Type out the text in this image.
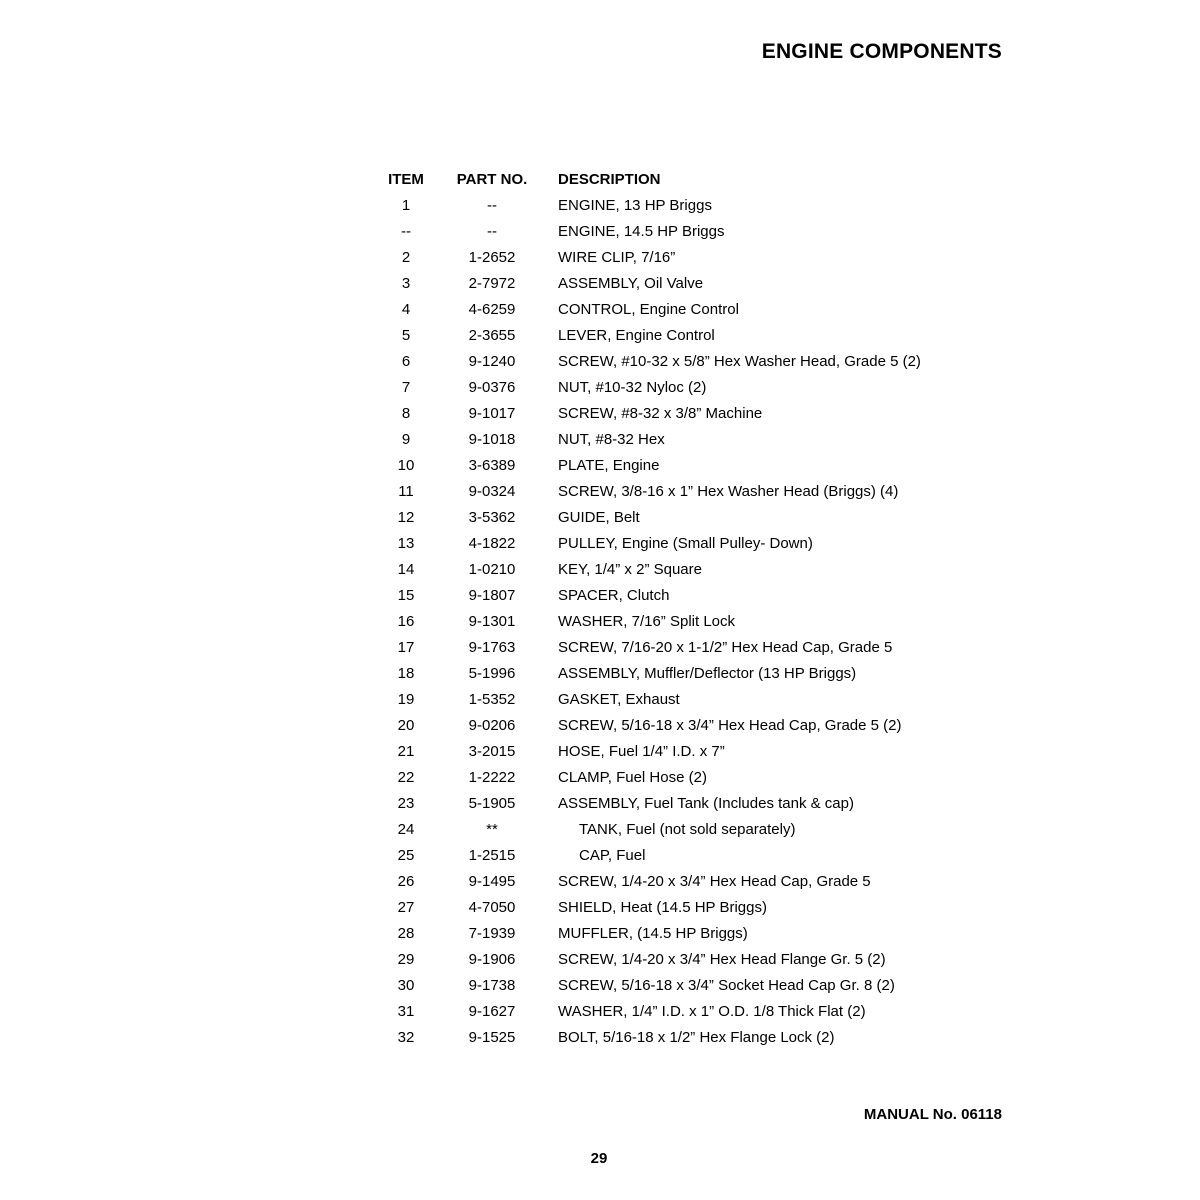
ENGINE COMPONENTS
ITEM	PART NO.	DESCRIPTION
1	--	ENGINE, 13 HP Briggs
--	--	ENGINE, 14.5 HP Briggs
2	1-2652	WIRE CLIP, 7/16”
3	2-7972	ASSEMBLY, Oil Valve
4	4-6259	CONTROL, Engine Control
5	2-3655	LEVER, Engine Control
6	9-1240	SCREW, #10-32 x 5/8” Hex Washer Head, Grade 5 (2)
7	9-0376	NUT, #10-32 Nyloc (2)
8	9-1017	SCREW, #8-32 x 3/8” Machine
9	9-1018	NUT, #8-32 Hex
10	3-6389	PLATE, Engine
11	9-0324	SCREW, 3/8-16 x 1” Hex Washer Head (Briggs) (4)
12	3-5362	GUIDE, Belt
13	4-1822	PULLEY, Engine (Small Pulley- Down)
14	1-0210	KEY, 1/4” x 2” Square
15	9-1807	SPACER, Clutch
16	9-1301	WASHER, 7/16” Split Lock
17	9-1763	SCREW, 7/16-20 x 1-1/2” Hex Head Cap, Grade 5
18	5-1996	ASSEMBLY, Muffler/Deflector (13 HP Briggs)
19	1-5352	GASKET, Exhaust
20	9-0206	SCREW, 5/16-18 x 3/4” Hex Head Cap, Grade 5 (2)
21	3-2015	HOSE, Fuel 1/4” I.D. x 7”
22	1-2222	CLAMP, Fuel Hose (2)
23	5-1905	ASSEMBLY, Fuel Tank (Includes tank & cap)
24	**	TANK, Fuel (not sold separately)
25	1-2515	CAP, Fuel
26	9-1495	SCREW, 1/4-20 x 3/4” Hex Head Cap, Grade 5
27	4-7050	SHIELD, Heat (14.5 HP Briggs)
28	7-1939	MUFFLER, (14.5 HP Briggs)
29	9-1906	SCREW, 1/4-20 x 3/4” Hex Head Flange Gr. 5 (2)
30	9-1738	SCREW, 5/16-18 x 3/4” Socket Head Cap Gr. 8 (2)
31	9-1627	WASHER, 1/4” I.D. x 1” O.D. 1/8 Thick Flat (2)
32	9-1525	BOLT, 5/16-18 x 1/2” Hex Flange Lock (2)
MANUAL No. 06118
29
